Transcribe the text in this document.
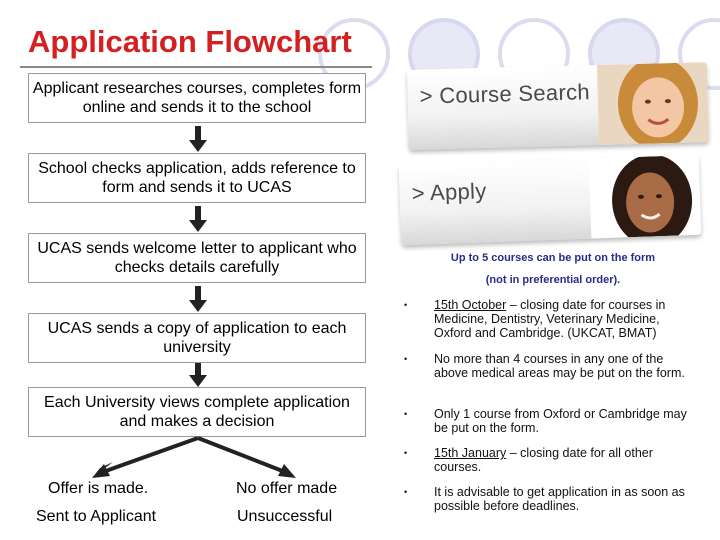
Application Flowchart
Applicant researches courses, completes form online and sends it to the school
School checks application, adds reference to form and sends it to UCAS
UCAS sends welcome letter to applicant who checks details carefully
UCAS sends a copy of application to each university
Each University views complete application and makes a decision
Offer is made.
Sent to Applicant
No offer made
Unsuccessful
> Course Search
> Apply
Up to 5 courses can be put on the form
(not in preferential order).
• 15th October – closing date for courses in Medicine, Dentistry, Veterinary Medicine, Oxford and Cambridge. (UKCAT, BMAT)
• No more than 4 courses in any one of the above medical areas may be put on the form.
• Only 1 course from Oxford or Cambridge may be put on the form.
• 15th January – closing date for all other courses.
• It is advisable to get application in as soon as possible before deadlines.
